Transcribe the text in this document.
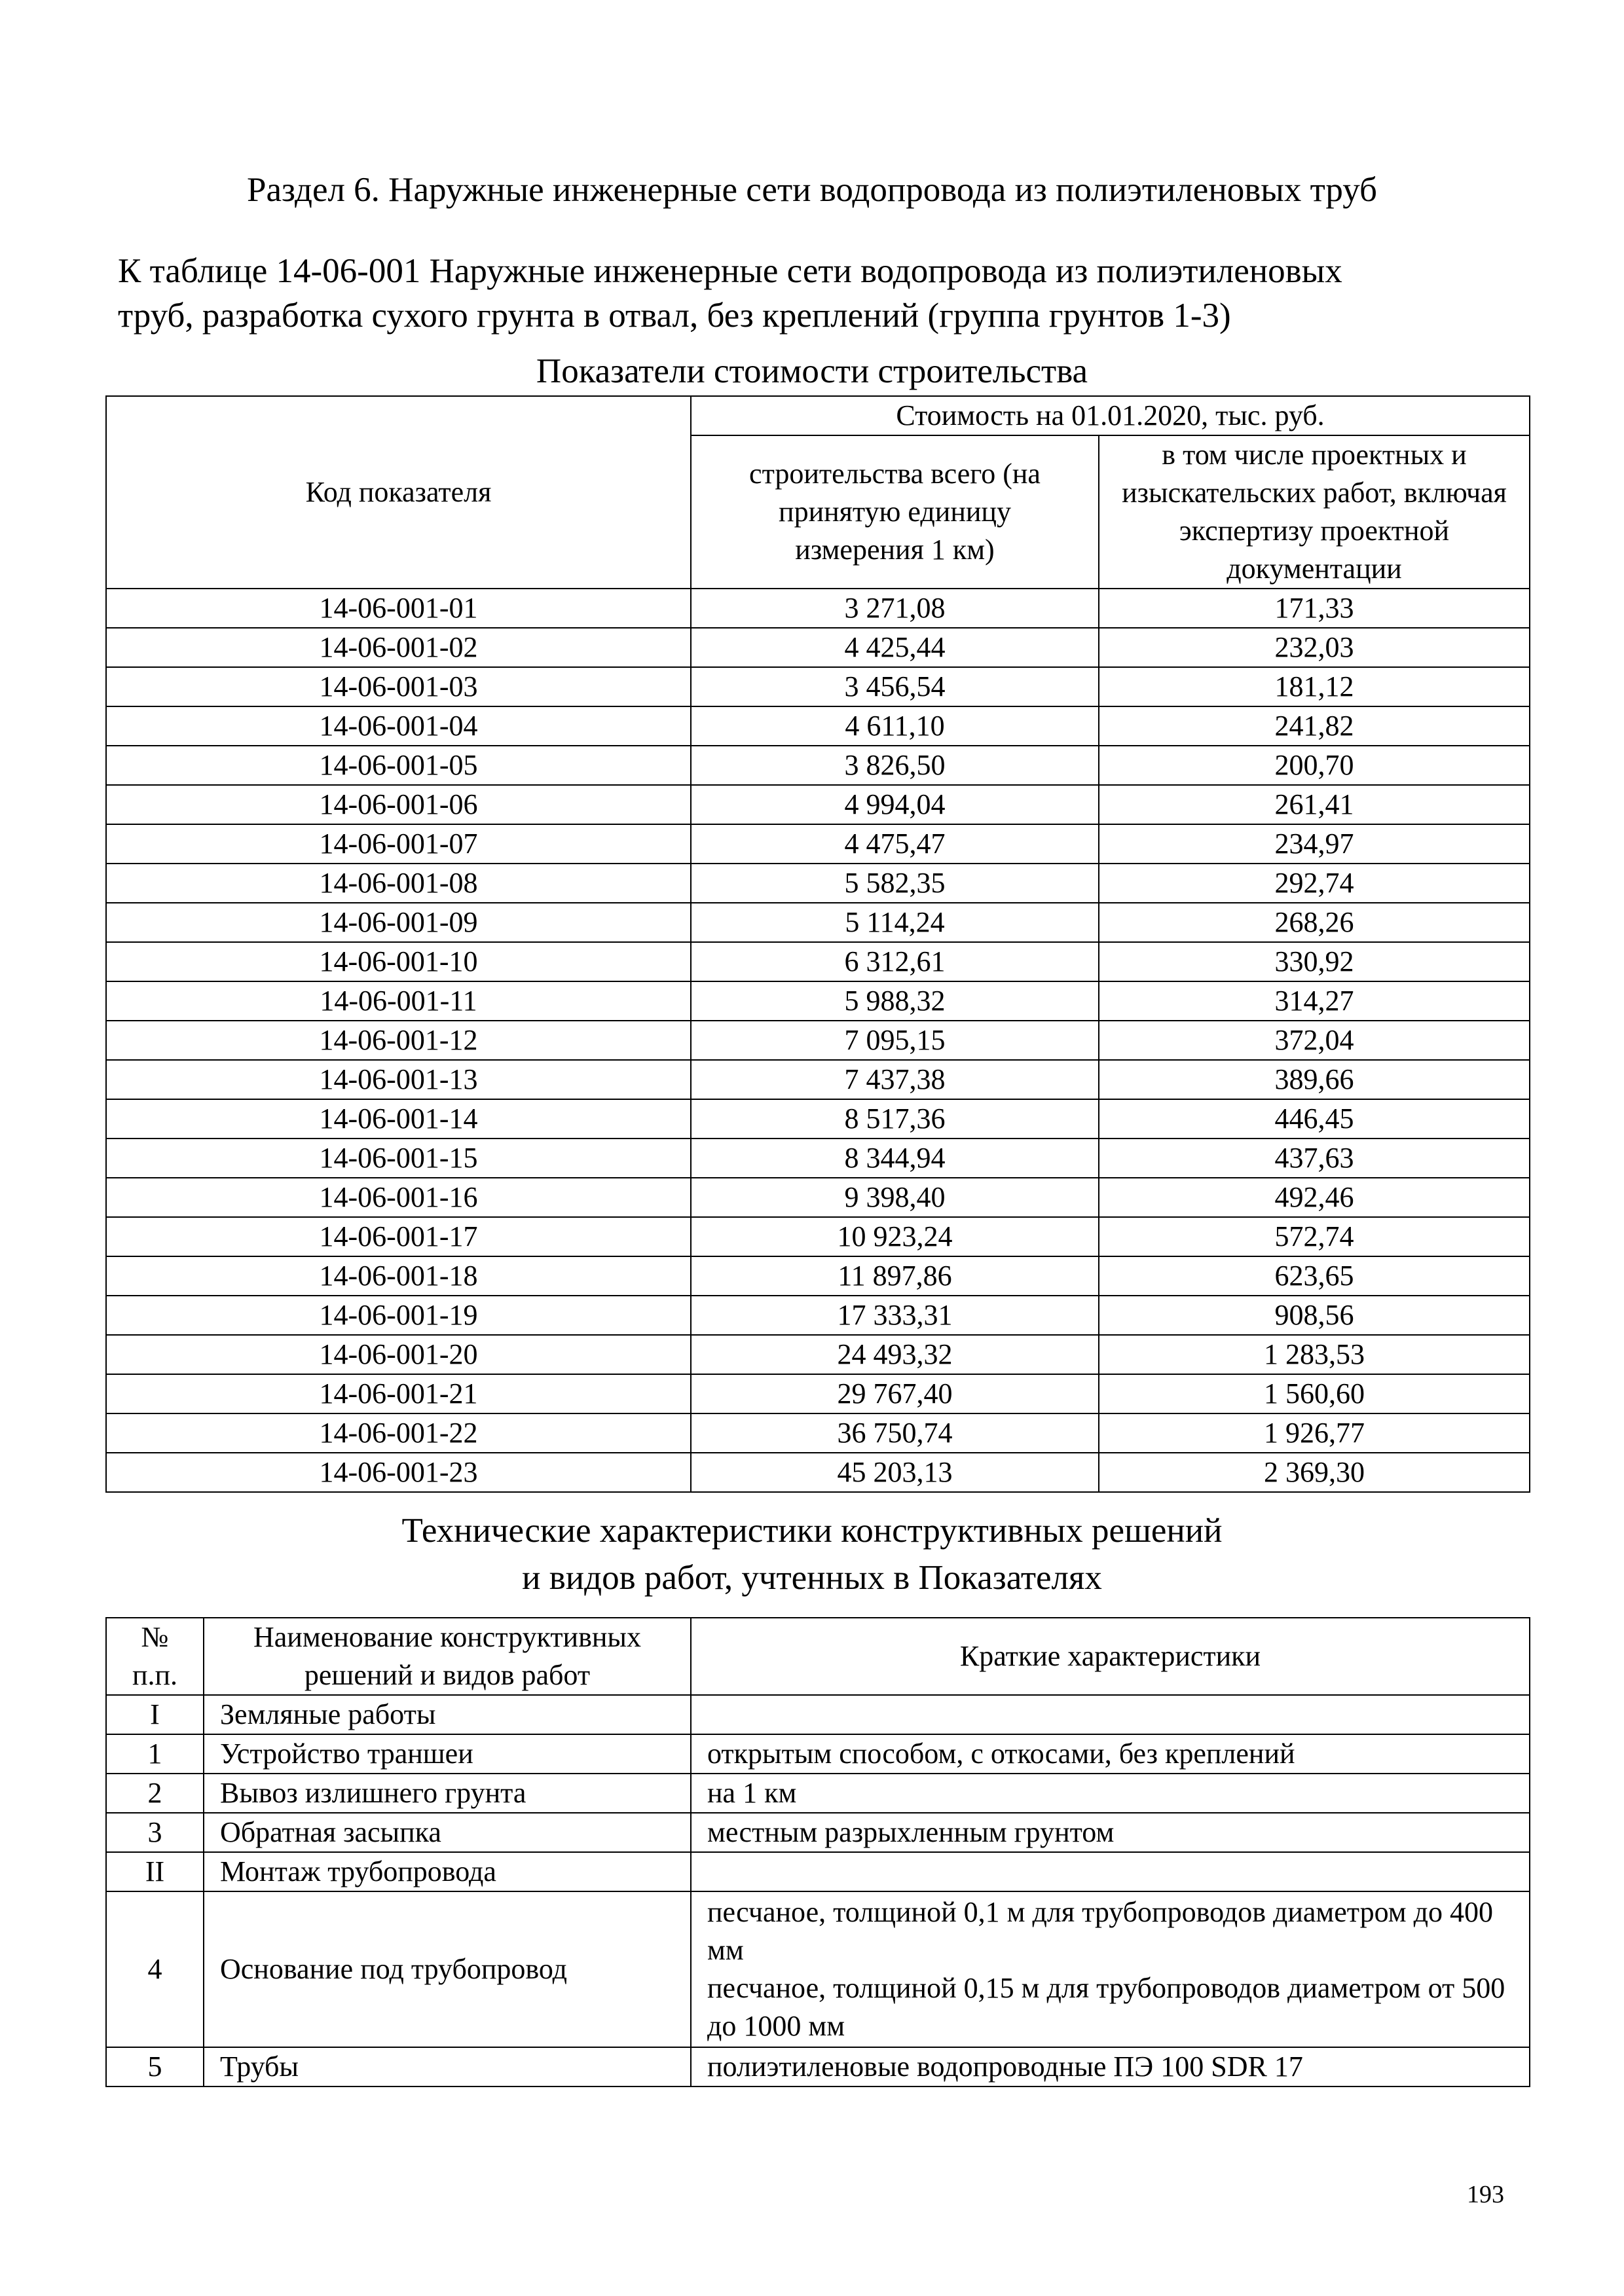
Раздел 6. Наружные инженерные сети водопровода из полиэтиленовых труб
К таблице 14-06-001 Наружные инженерные сети водопровода из полиэтиленовых
труб, разработка сухого грунта в отвал, без креплений (группа грунтов 1-3)
Показатели стоимости строительства
Код показателя	Стоимость на 01.01.2020, тыс. руб.	
	строительства всего (на принятую единицу измерения 1 км)	в том числе проектных и изыскательских работ, включая экспертизу проектной документации
14-06-001-01	3 271,08	171,33
14-06-001-02	4 425,44	232,03
14-06-001-03	3 456,54	181,12
14-06-001-04	4 611,10	241,82
14-06-001-05	3 826,50	200,70
14-06-001-06	4 994,04	261,41
14-06-001-07	4 475,47	234,97
14-06-001-08	5 582,35	292,74
14-06-001-09	5 114,24	268,26
14-06-001-10	6 312,61	330,92
14-06-001-11	5 988,32	314,27
14-06-001-12	7 095,15	372,04
14-06-001-13	7 437,38	389,66
14-06-001-14	8 517,36	446,45
14-06-001-15	8 344,94	437,63
14-06-001-16	9 398,40	492,46
14-06-001-17	10 923,24	572,74
14-06-001-18	11 897,86	623,65
14-06-001-19	17 333,31	908,56
14-06-001-20	24 493,32	1 283,53
14-06-001-21	29 767,40	1 560,60
14-06-001-22	36 750,74	1 926,77
14-06-001-23	45 203,13	2 369,30
Технические характеристики конструктивных решений
и видов работ, учтенных в Показателях
№ п.п.	Наименование конструктивных решений и видов работ	Краткие характеристики
I	Земляные работы	
1	Устройство траншеи	открытым способом, с откосами, без креплений
2	Вывоз излишнего грунта	на 1 км
3	Обратная засыпка	местным разрыхленным грунтом
II	Монтаж трубопровода	
4	Основание под трубопровод	песчаное, толщиной 0,1 м для трубопроводов диаметром до 400 мм
песчаное, толщиной 0,15 м для трубопроводов диаметром от 500 до 1000 мм

5	Трубы	полиэтиленовые водопроводные ПЭ 100 SDR 17
193
